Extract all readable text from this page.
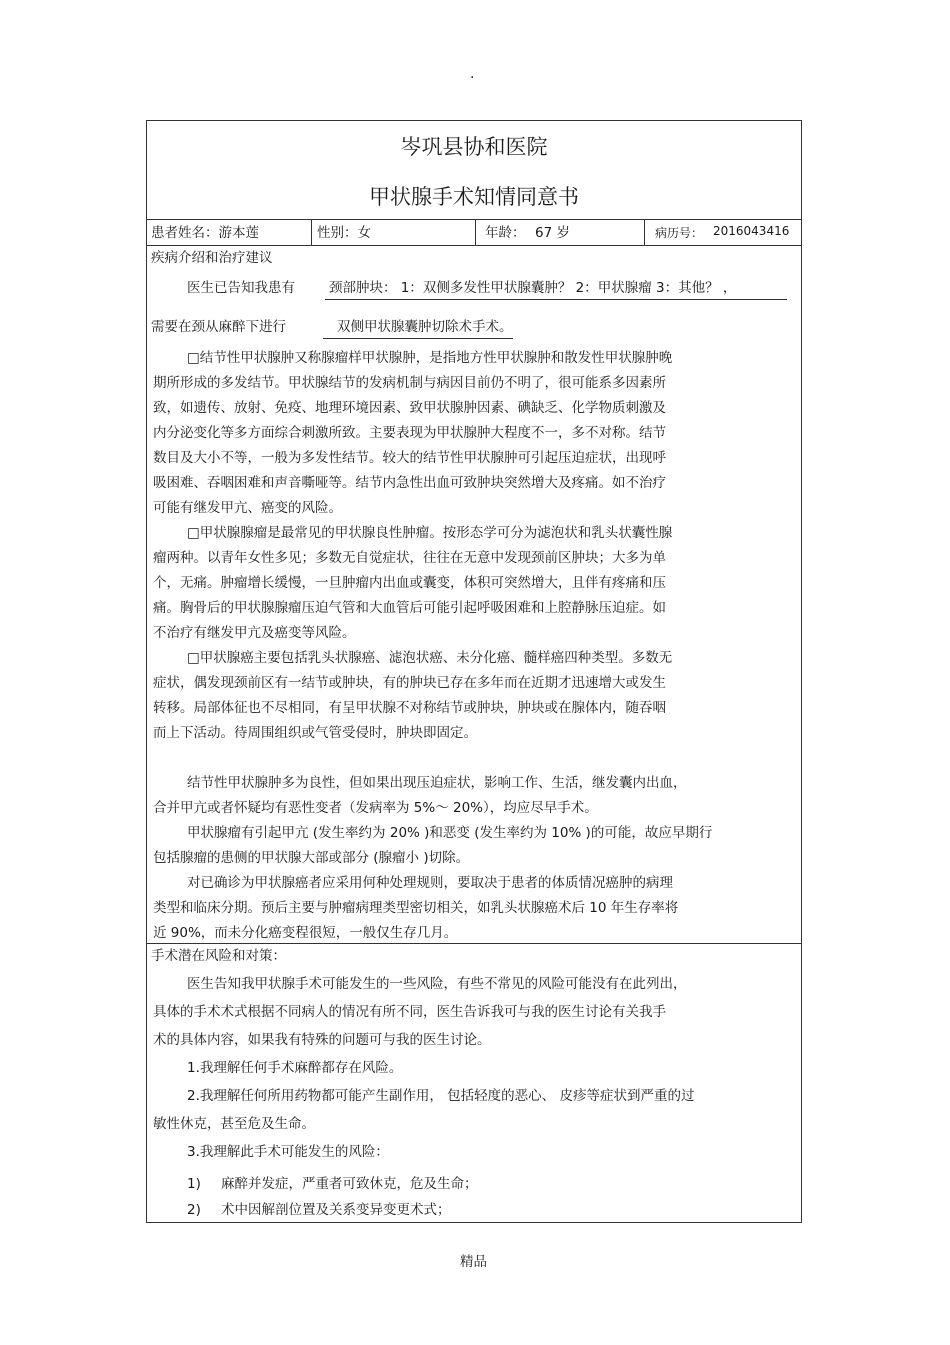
.
岑巩县协和医院
甲状腺手术知情同意书
患者姓名：游本莲	性别：女	年龄： 67 岁	病历号： 2016043416
疾病介绍和治疗建议
医生已告知我患有	颈部肿块： 1：双侧多发性甲状腺囊肿？ 2：甲状腺瘤 3：其他？ ，
需要在颈从麻醉下进行	双侧甲状腺囊肿切除术手术。
□结节性甲状腺肿又称腺瘤样甲状腺肿，是指地方性甲状腺肿和散发性甲状腺肿晚
期所形成的多发结节。甲状腺结节的发病机制与病因目前仍不明了，很可能系多因素所
致，如遗传、放射、免疫、地理环境因素、致甲状腺肿因素、碘缺乏、化学物质刺激及
内分泌变化等多方面综合刺激所致。主要表现为甲状腺肿大程度不一，多不对称。结节
数目及大小不等，一般为多发性结节。较大的结节性甲状腺肿可引起压迫症状，出现呼
吸困难、吞咽困难和声音嘶哑等。结节内急性出血可致肿块突然增大及疼痛。如不治疗
可能有继发甲亢、癌变的风险。
□甲状腺腺瘤是最常见的甲状腺良性肿瘤。按形态学可分为滤泡状和乳头状囊性腺
瘤两种。以青年女性多见；多数无自觉症状，往往在无意中发现颈前区肿块；大多为单
个，无痛。肿瘤增长缓慢，一旦肿瘤内出血或囊变，体积可突然增大，且伴有疼痛和压
痛。胸骨后的甲状腺腺瘤压迫气管和大血管后可能引起呼吸困难和上腔静脉压迫症。如
不治疗有继发甲亢及癌变等风险。
□甲状腺癌主要包括乳头状腺癌、滤泡状癌、未分化癌、髓样癌四种类型。多数无
症状，偶发现颈前区有一结节或肿块，有的肿块已存在多年而在近期才迅速增大或发生
转移。局部体征也不尽相同，有呈甲状腺不对称结节或肿块，肿块或在腺体内，随吞咽
而上下活动。待周围组织或气管受侵时，肿块即固定。
结节性甲状腺肿多为良性，但如果出现压迫症状，影响工作、生活，继发囊内出血，
合并甲亢或者怀疑均有恶性变者（发病率为 5%～ 20%），均应尽早手术。
甲状腺瘤有引起甲亢 (发生率约为 20% )和恶变 (发生率约为 10% )的可能，故应早期行
包括腺瘤的患侧的甲状腺大部或部分 (腺瘤小 )切除。
对已确诊为甲状腺癌者应采用何种处理规则，要取决于患者的体质情况癌肿的病理
类型和临床分期。预后主要与肿瘤病理类型密切相关，如乳头状腺癌术后 10 年生存率将
近 90%，而未分化癌变程很短，一般仅生存几月。
手术潜在风险和对策：
医生告知我甲状腺手术可能发生的一些风险，有些不常见的风险可能没有在此列出，
具体的手术术式根据不同病人的情况有所不同，医生告诉我可与我的医生讨论有关我手
术的具体内容，如果我有特殊的问题可与我的医生讨论。
1.我理解任何手术麻醉都存在风险。
2.我理解任何所用药物都可能产生副作用， 包括轻度的恶心、 皮疹等症状到严重的过
敏性休克，甚至危及生命。
3.我理解此手术可能发生的风险：
1) 麻醉并发症，严重者可致休克，危及生命；
2) 术中因解剖位置及关系变异变更术式；
精品
